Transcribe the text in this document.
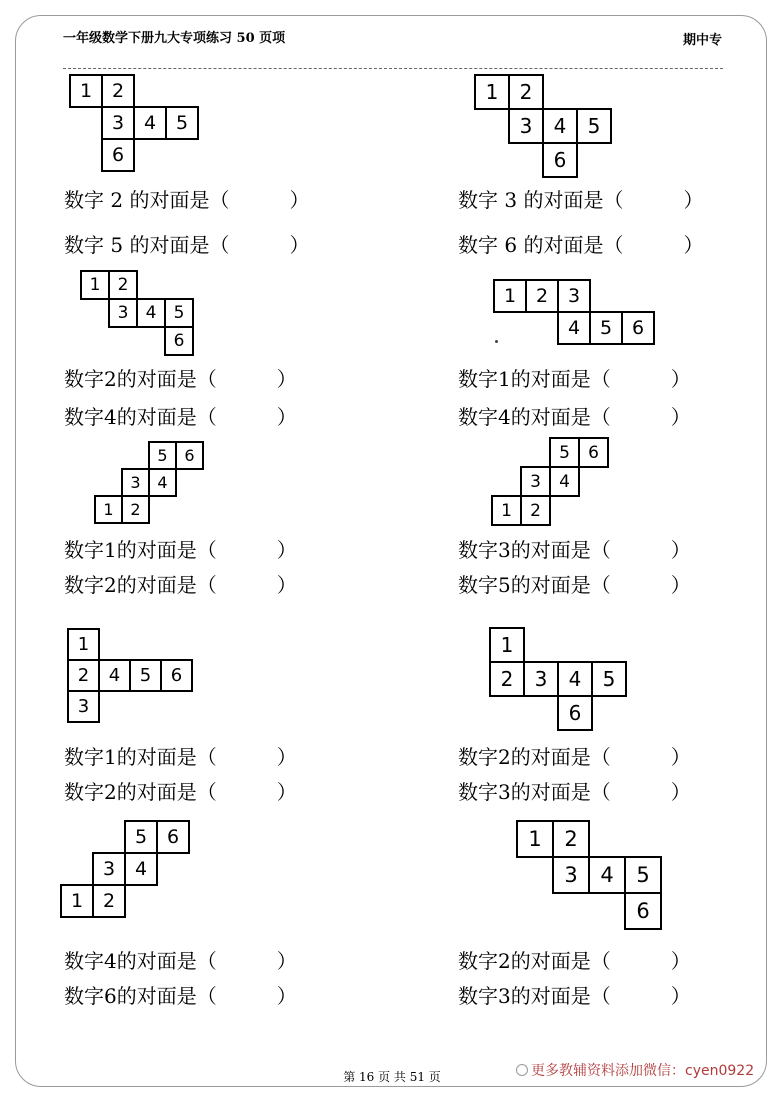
一年级数学下册九大专项练习 50 页项	期中专
1	2
3	4	5
6
1	2
3	4	5
6
1	2
3	4	5
6
1	2	3
4	5	6
5	6
3	4
1	2
5	6
3	4
1	2
1
2	4	5	6
3
1
2	3	4	5
6
5	6
3	4
1	2
1	2
3	4	5
6
数字 2 的对面是（　　　）	数字 3 的对面是（　　　）
数字 5 的对面是（　　　）	数字 6 的对面是（　　　）
数字2的对面是（　　　）	数字1的对面是（　　　）
数字4的对面是（　　　）	数字4的对面是（　　　）
数字1的对面是（　　　）	数字3的对面是（　　　）
数字2的对面是（　　　）	数字5的对面是（　　　）
数字1的对面是（　　　）	数字2的对面是（　　　）
数字2的对面是（　　　）	数字3的对面是（　　　）
数字4的对面是（　　　）	数字2的对面是（　　　）
数字6的对面是（　　　）	数字3的对面是（　　　）
第 16 页 共 51 页	更多教辅资料添加微信：cyen0922
